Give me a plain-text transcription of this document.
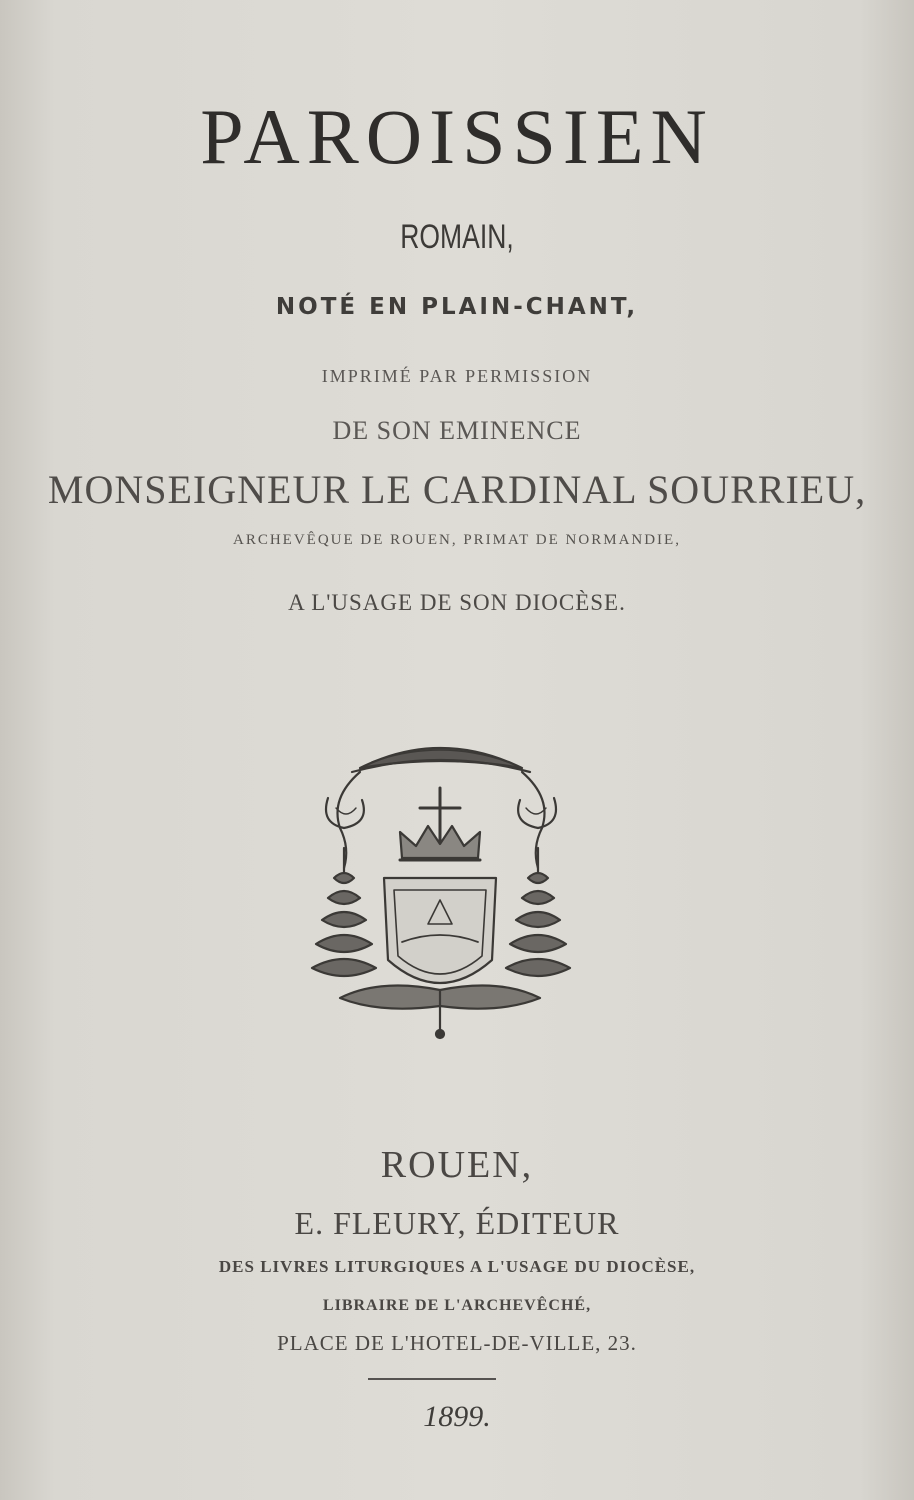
PAROISSIEN
ROMAIN,
NOTÉ EN PLAIN-CHANT,
IMPRIMÉ PAR PERMISSION
DE SON EMINENCE
MONSEIGNEUR LE CARDINAL SOURRIEU,
ARCHEVÊQUE DE ROUEN, PRIMAT DE NORMANDIE,
A L'USAGE DE SON DIOCÈSE.
ROUEN,
E. FLEURY, ÉDITEUR
DES LIVRES LITURGIQUES A L'USAGE DU DIOCÈSE,
LIBRAIRE DE L'ARCHEVÊCHÉ,
PLACE DE L'HOTEL-DE-VILLE, 23.
1899.
